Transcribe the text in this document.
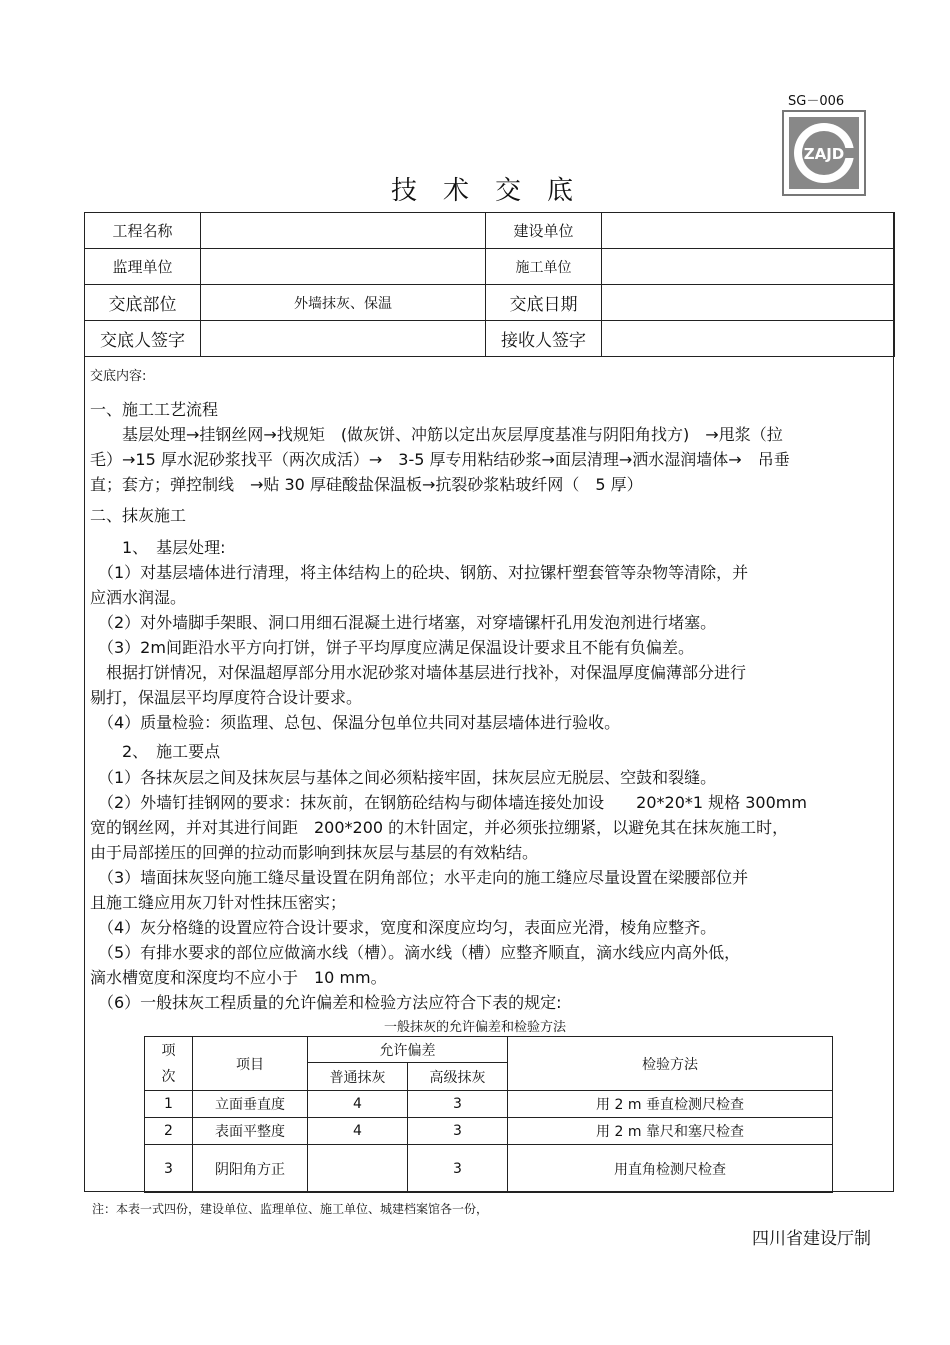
SG－006
ZAJD
技术交底
工程名称		建设单位	
监理单位		施工单位	
交底部位	外墙抹灰、保温	交底日期	
交底人签字		接收人签字	
交底内容:
一、施工工艺流程
　　基层处理→挂钢丝网→找规矩　(做灰饼、冲筋以定出灰层厚度基准与阴阳角找方)　→甩浆（拉
毛）→15 厚水泥砂浆找平（两次成活）→　3-5 厚专用粘结砂浆→面层清理→洒水湿润墙体→　吊垂
直；套方；弹控制线　→贴 30 厚硅酸盐保温板→抗裂砂浆粘玻纤网（　5 厚）
二、抹灰施工
　　1、　基层处理:
　（1）对基层墙体进行清理，将主体结构上的砼块、钢筋、对拉镙杆塑套管等杂物等清除，并
应洒水润湿。
　（2）对外墙脚手架眼、洞口用细石混凝土进行堵塞，对穿墙镙杆孔用发泡剂进行堵塞。
　（3）2m间距沿水平方向打饼，饼子平均厚度应满足保温设计要求且不能有负偏差。
　根据打饼情况，对保温超厚部分用水泥砂浆对墙体基层进行找补，对保温厚度偏薄部分进行
剔打，保温层平均厚度符合设计要求。
　（4）质量检验：须监理、总包、保温分包单位共同对基层墙体进行验收。
　　2、　施工要点
　（1）各抹灰层之间及抹灰层与基体之间必须粘接牢固，抹灰层应无脱层、空鼓和裂缝。
　（2）外墙钉挂钢网的要求：抹灰前，在钢筋砼结构与砌体墙连接处加设　　20*20*1 规格 300mm
宽的钢丝网，并对其进行间距　200*200 的木针固定，并必须张拉绷紧，以避免其在抹灰施工时，
由于局部搓压的回弹的拉动而影响到抹灰层与基层的有效粘结。
　（3）墙面抹灰竖向施工缝尽量设置在阴角部位；水平走向的施工缝应尽量设置在梁腰部位并
且施工缝应用灰刀针对性抹压密实；
　（4）灰分格缝的设置应符合设计要求，宽度和深度应均匀，表面应光滑，棱角应整齐。
　（5）有排水要求的部位应做滴水线（槽）。滴水线（槽）应整齐顺直，滴水线应内高外低，
滴水槽宽度和深度均不应小于　10 mm。
　（6）一般抹灰工程质量的允许偏差和检验方法应符合下表的规定:
一般抹灰的允许偏差和检验方法
项次	项目	允许偏差		检验方法
		普通抹灰	高级抹灰	
1	立面垂直度	4	3	用 2 m 垂直检测尺检查
2	表面平整度	4	3	用 2 m 靠尺和塞尺检查
3	阴阳角方正		3	用直角检测尺检查
注：本表一式四份，建设单位、监理单位、施工单位、城建档案馆各一份，
四川省建设厅制
